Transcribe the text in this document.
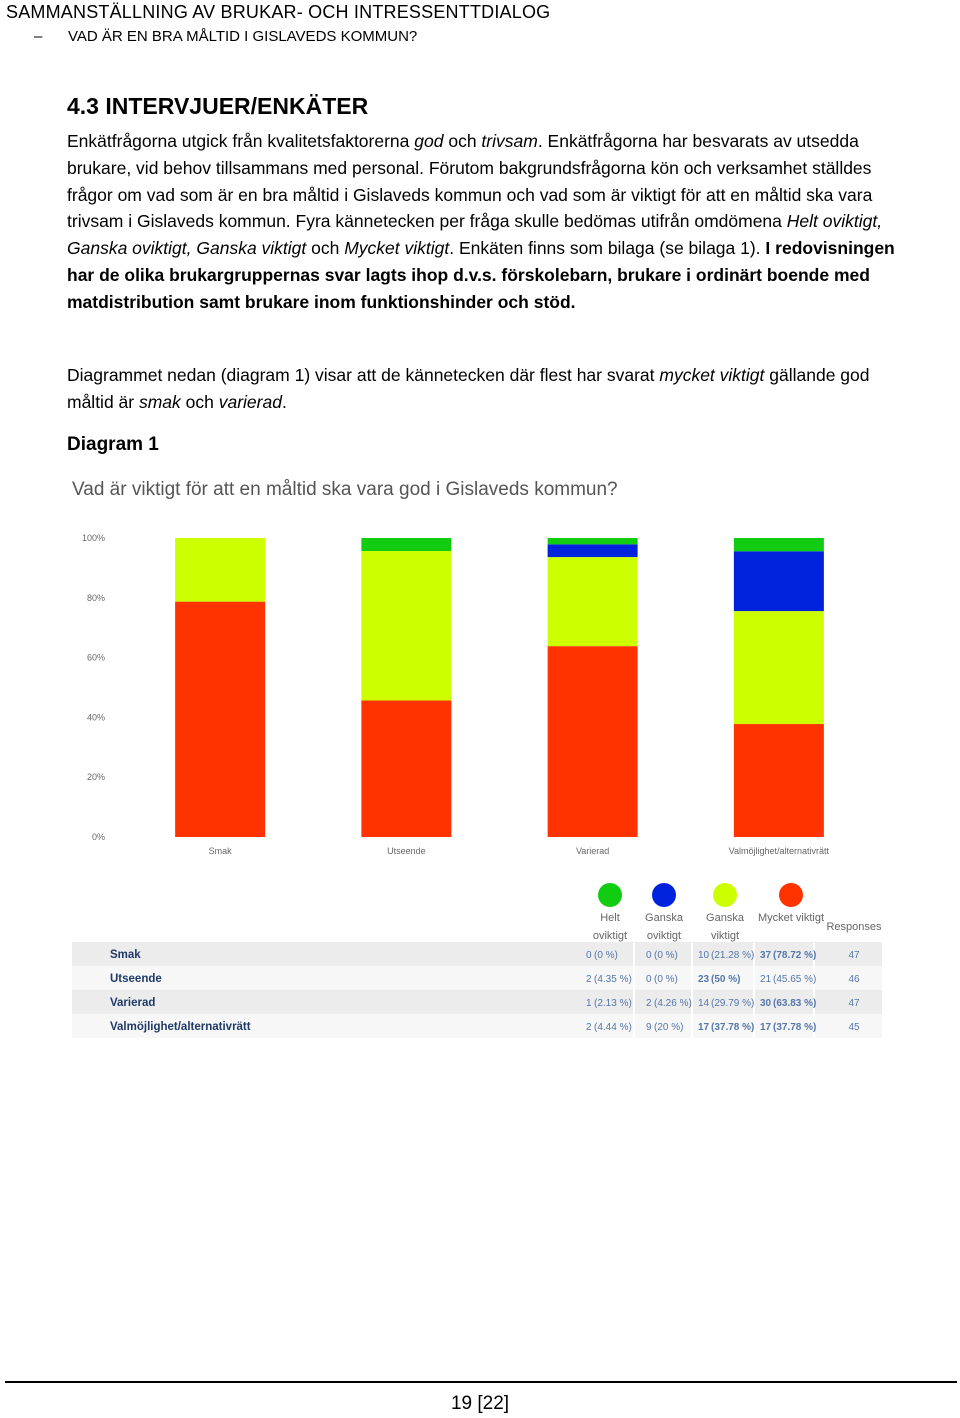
SAMMANSTÄLLNING AV BRUKAR- OCH INTRESSENTTDIALOG
– VAD ÄR EN BRA MÅLTID I GISLAVEDS KOMMUN?
4.3 INTERVJUER/ENKÄTER
Enkätfrågorna utgick från kvalitetsfaktorerna god och trivsam. Enkätfrågorna har besvarats av utsedda brukare, vid behov tillsammans med personal. Förutom bakgrundsfrågorna kön och verksamhet ställdes frågor om vad som är en bra måltid i Gislaveds kommun och vad som är viktigt för att en måltid ska vara trivsam i Gislaveds kommun. Fyra kännetecken per fråga skulle bedömas utifrån omdömena Helt oviktigt, Ganska oviktigt, Ganska viktigt och Mycket viktigt. Enkäten finns som bilaga (se bilaga 1). I redovisningen har de olika brukargruppernas svar lagts ihop d.v.s. förskolebarn, brukare i ordinärt boende med matdistribution samt brukare inom funktionshinder och stöd.
Diagrammet nedan (diagram 1) visar att de kännetecken där flest har svarat mycket viktigt gällande god måltid är smak och varierad.
Diagram 1
Vad är viktigt för att en måltid ska vara god i Gislaveds kommun?
0%
20%
40%
60%
80%
100%
Smak	Utseende	Varierad	Valmöjlighet/alternativrätt
Helt
oviktigt
Ganska
oviktigt
Ganska
viktigt
Mycket viktigt
Responses
Smak	0 (0 %)	0 (0 %) 10 (21.28 %) 37 (78.72 %)	47
Utseende	2 (4.35 %) 0 (0 %) 23 (50 %) 21 (45.65 %)	46
Varierad	1 (2.13 %) 2 (4.26 %) 14 (29.79 %) 30 (63.83 %)	47
Valmöjlighet/alternativrätt	2 (4.44 %) 9 (20 %) 17 (37.78 %) 17 (37.78 %)	45
19 [22]
